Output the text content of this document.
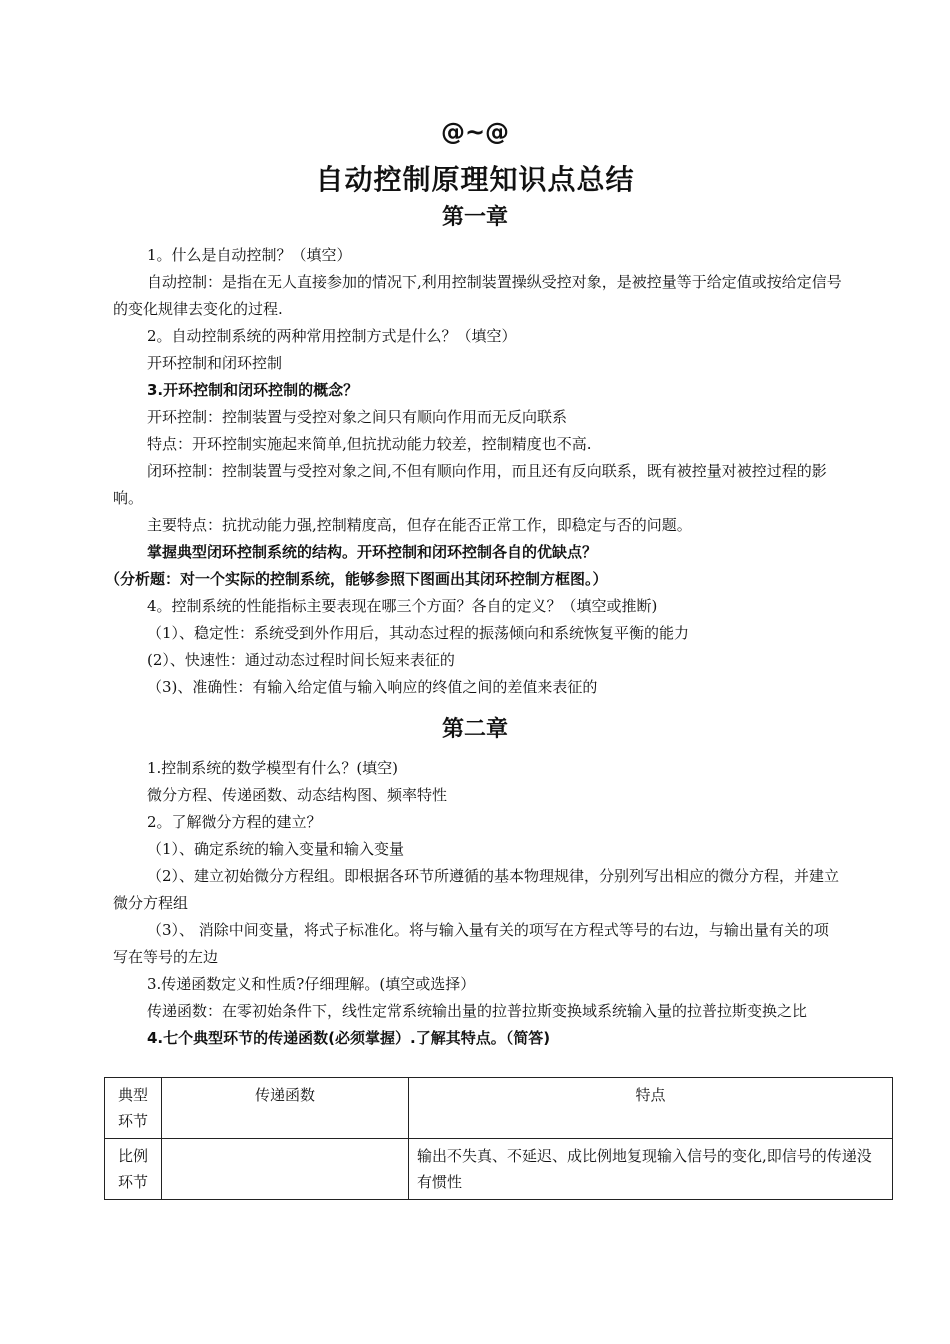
@~@
自动控制原理知识点总结
第一章

1。什么是自动控制？（填空）

自动控制：是指在无人直接参加的情况下,利用控制装置操纵受控对象，是被控量等于给定值或按给定信号的变化规律去变化的过程.

2。自动控制系统的两种常用控制方式是什么？（填空）

开环控制和闭环控制

3.开环控制和闭环控制的概念？

开环控制：控制装置与受控对象之间只有顺向作用而无反向联系

特点：开环控制实施起来简单,但抗扰动能力较差，控制精度也不高.

闭环控制：控制装置与受控对象之间,不但有顺向作用，而且还有反向联系，既有被控量对被控过程的影响。

主要特点：抗扰动能力强,控制精度高，但存在能否正常工作，即稳定与否的问题。

掌握典型闭环控制系统的结构。开环控制和闭环控制各自的优缺点？

（分析题：对一个实际的控制系统，能够参照下图画出其闭环控制方框图。）

4。控制系统的性能指标主要表现在哪三个方面？各自的定义？（填空或推断)

（1）、稳定性：系统受到外作用后，其动态过程的振荡倾向和系统恢复平衡的能力

(2）、快速性：通过动态过程时间长短来表征的

（3)、准确性：有输入给定值与输入响应的终值之间的差值来表征的

第二章

1.控制系统的数学模型有什么？(填空)

微分方程、传递函数、动态结构图、频率特性

2。了解微分方程的建立？

（1）、确定系统的输入变量和输入变量

（2）、建立初始微分方程组。即根据各环节所遵循的基本物理规律，分别列写出相应的微分方程，并建立微分方程组

（3）、 消除中间变量，将式子标准化。将与输入量有关的项写在方程式等号的右边，与输出量有关的项写在等号的左边

3.传递函数定义和性质?仔细理解。(填空或选择）

传递函数：在零初始条件下，线性定常系统输出量的拉普拉斯变换域系统输入量的拉普拉斯变换之比

4.七个典型环节的传递函数(必须掌握）.了解其特点。（简答)

典型环节	传递函数	特点
比例环节		输出不失真、不延迟、成比例地复现输入信号的变化,即信号的传递没有惯性
